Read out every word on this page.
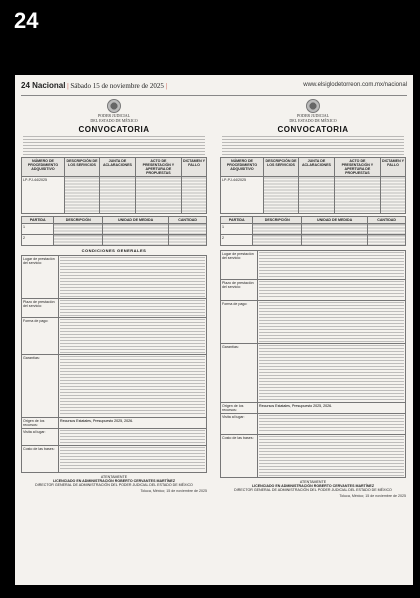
24
24 Nacional | Sábado 15 de noviembre de 2025 |	www.elsiglodetorreon.com.mx/nacional
PODER JUDICIAL
DEL ESTADO DE MÉXICO
CONVOCATORIA
NÚMERO DE PROCEDIMIENTO ADQUISITIVO	DESCRIPCIÓN DE LOS SERVICIOS	JUNTA DE ACLARACIONES	ACTO DE PRESENTACIÓN Y APERTURA DE PROPUESTAS	DICTAMEN Y FALLO
LP-PJ-44/2025				
PARTIDA	DESCRIPCIÓN	UNIDAD DE MEDIDA	CANTIDAD
1			
2			
CONDICIONES GENERALES
Lugar de prestación del servicio:
Plazo de prestación del servicio:
Forma de pago:
Garantías:
Origen de los recursos:
Recursos Estatales, Presupuesto 2025, 2026.
Visita al lugar:
Costo de las bases:
ATENTAMENTE
LICENCIADO EN ADMINISTRACIÓN ROBERTO CERVANTES MARTÍNEZ
DIRECTOR GENERAL DE ADMINISTRACIÓN DEL PODER JUDICIAL DEL ESTADO DE MÉXICO
Toluca, México; 15 de noviembre de 2025
PODER JUDICIAL
DEL ESTADO DE MÉXICO
CONVOCATORIA
NÚMERO DE PROCEDIMIENTO ADQUISITIVO	DESCRIPCIÓN DE LOS SERVICIOS	JUNTA DE ACLARACIONES	ACTO DE PRESENTACIÓN Y APERTURA DE PROPUESTAS	DICTAMEN Y FALLO
LP-PJ-44/2025				
PARTIDA	DESCRIPCIÓN	UNIDAD DE MEDIDA	CANTIDAD
1			
2			
Lugar de prestación del servicio:
Plazo de prestación del servicio:
Forma de pago:
Garantías:
Origen de los recursos:
Recursos Estatales, Presupuesto 2025, 2026.
Visita al lugar:
Costo de las bases:
ATENTAMENTE
LICENCIADO EN ADMINISTRACIÓN ROBERTO CERVANTES MARTÍNEZ
DIRECTOR GENERAL DE ADMINISTRACIÓN DEL PODER JUDICIAL DEL ESTADO DE MÉXICO
Toluca, México; 15 de noviembre de 2025
